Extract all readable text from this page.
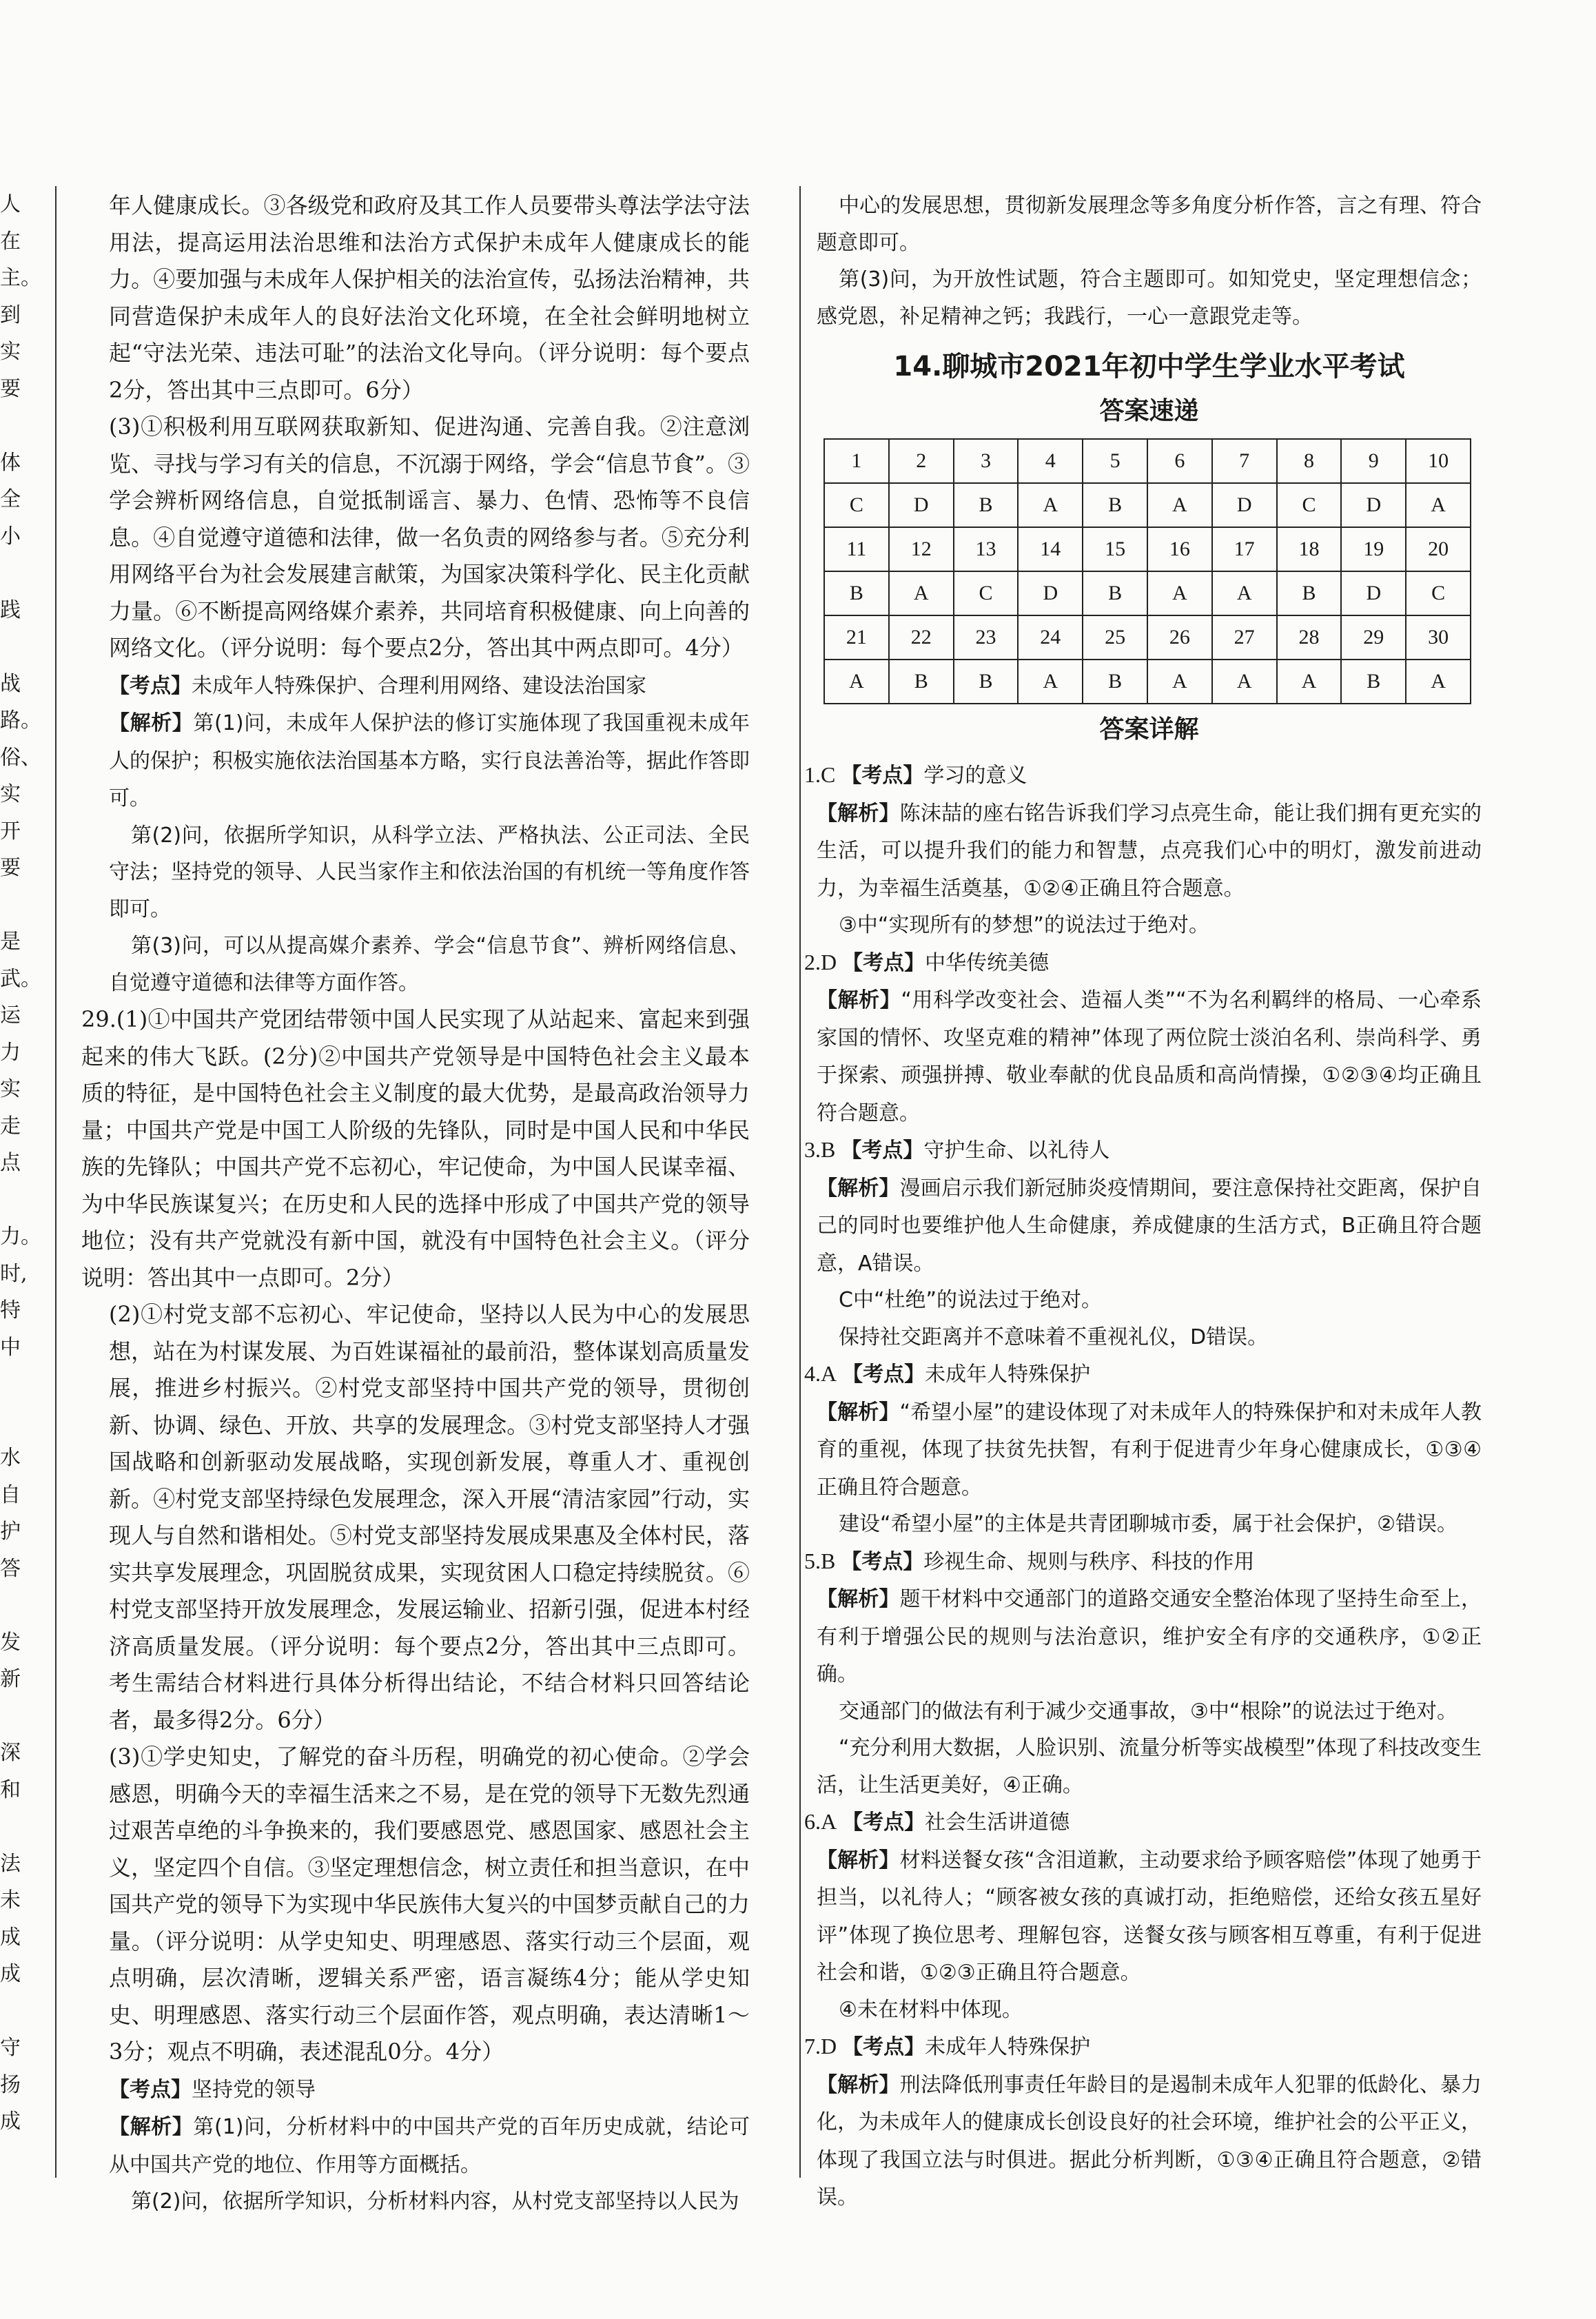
人
在
主。
到
实
要
体
全
小
践
战
路。
俗、
实
开
要
是
武。
运
力
实
走
点
力。
时,
特
中
水
自
护
答
发
新
深
和
法
未
成
成
守
扬
成

年人健康成长。③各级党和政府及其工作人员要带头尊法学法守法用法，提高运用法治思维和法治方式保护未成年人健康成长的能力。④要加强与未成年人保护相关的法治宣传，弘扬法治精神，共同营造保护未成年人的良好法治文化环境，在全社会鲜明地树立起“守法光荣、违法可耻”的法治文化导向。（评分说明：每个要点2分，答出其中三点即可。6分）

(3)①积极利用互联网获取新知、促进沟通、完善自我。②注意浏览、寻找与学习有关的信息，不沉溺于网络，学会“信息节食”。③学会辨析网络信息，自觉抵制谣言、暴力、色情、恐怖等不良信息。④自觉遵守道德和法律，做一名负责的网络参与者。⑤充分利用网络平台为社会发展建言献策，为国家决策科学化、民主化贡献力量。⑥不断提高网络媒介素养，共同培育积极健康、向上向善的网络文化。（评分说明：每个要点2分，答出其中两点即可。4分）

【考点】未成年人特殊保护、合理利用网络、建设法治国家

【解析】第(1)问，未成年人保护法的修订实施体现了我国重视未成年人的保护；积极实施依法治国基本方略，实行良法善治等，据此作答即可。

第(2)问，依据所学知识，从科学立法、严格执法、公正司法、全民守法；坚持党的领导、人民当家作主和依法治国的有机统一等角度作答即可。

第(3)问，可以从提高媒介素养、学会“信息节食”、辨析网络信息、自觉遵守道德和法律等方面作答。

29.(1)①中国共产党团结带领中国人民实现了从站起来、富起来到强起来的伟大飞跃。(2分)②中国共产党领导是中国特色社会主义最本质的特征，是中国特色社会主义制度的最大优势，是最高政治领导力量；中国共产党是中国工人阶级的先锋队，同时是中国人民和中华民族的先锋队；中国共产党不忘初心，牢记使命，为中国人民谋幸福、为中华民族谋复兴；在历史和人民的选择中形成了中国共产党的领导地位；没有共产党就没有新中国，就没有中国特色社会主义。（评分说明：答出其中一点即可。2分）

(2)①村党支部不忘初心、牢记使命，坚持以人民为中心的发展思想，站在为村谋发展、为百姓谋福祉的最前沿，整体谋划高质量发展，推进乡村振兴。②村党支部坚持中国共产党的领导，贯彻创新、协调、绿色、开放、共享的发展理念。③村党支部坚持人才强国战略和创新驱动发展战略，实现创新发展，尊重人才、重视创新。④村党支部坚持绿色发展理念，深入开展“清洁家园”行动，实现人与自然和谐相处。⑤村党支部坚持发展成果惠及全体村民，落实共享发展理念，巩固脱贫成果，实现贫困人口稳定持续脱贫。⑥村党支部坚持开放发展理念，发展运输业、招新引强，促进本村经济高质量发展。（评分说明：每个要点2分，答出其中三点即可。考生需结合材料进行具体分析得出结论，不结合材料只回答结论者，最多得2分。6分）

(3)①学史知史，了解党的奋斗历程，明确党的初心使命。②学会感恩，明确今天的幸福生活来之不易，是在党的领导下无数先烈通过艰苦卓绝的斗争换来的，我们要感恩党、感恩国家、感恩社会主义，坚定四个自信。③坚定理想信念，树立责任和担当意识，在中国共产党的领导下为实现中华民族伟大复兴的中国梦贡献自己的力量。（评分说明：从学史知史、明理感恩、落实行动三个层面，观点明确，层次清晰，逻辑关系严密，语言凝练4分；能从学史知史、明理感恩、落实行动三个层面作答，观点明确，表达清晰1～3分；观点不明确，表述混乱0分。4分）

【考点】坚持党的领导

【解析】第(1)问，分析材料中的中国共产党的百年历史成就，结论可从中国共产党的地位、作用等方面概括。

第(2)问，依据所学知识，分析材料内容，从村党支部坚持以人民为

中心的发展思想，贯彻新发展理念等多角度分析作答，言之有理、符合题意即可。

第(3)问，为开放性试题，符合主题即可。如知党史，坚定理想信念；感党恩，补足精神之钙；我践行，一心一意跟党走等。

14.聊城市2021年初中学生学业水平考试
答案速递
1	2	3	4	5	6	7	8	9	10
C	D	B	A	B	A	D	C	D	A
11	12	13	14	15	16	17	18	19	20
B	A	C	D	B	A	A	B	D	C
21	22	23	24	25	26	27	28	29	30
A	B	B	A	B	A	A	A	B	A
答案详解

1.C 【考点】学习的意义

【解析】陈沫喆的座右铭告诉我们学习点亮生命，能让我们拥有更充实的生活，可以提升我们的能力和智慧，点亮我们心中的明灯，激发前进动力，为幸福生活奠基，①②④正确且符合题意。

③中“实现所有的梦想”的说法过于绝对。

2.D 【考点】中华传统美德

【解析】“用科学改变社会、造福人类”“不为名利羁绊的格局、一心牵系家国的情怀、攻坚克难的精神”体现了两位院士淡泊名利、崇尚科学、勇于探索、顽强拼搏、敬业奉献的优良品质和高尚情操，①②③④均正确且符合题意。

3.B 【考点】守护生命、以礼待人

【解析】漫画启示我们新冠肺炎疫情期间，要注意保持社交距离，保护自己的同时也要维护他人生命健康，养成健康的生活方式，B正确且符合题意，A错误。

C中“杜绝”的说法过于绝对。

保持社交距离并不意味着不重视礼仪，D错误。

4.A 【考点】未成年人特殊保护

【解析】“希望小屋”的建设体现了对未成年人的特殊保护和对未成年人教育的重视，体现了扶贫先扶智，有利于促进青少年身心健康成长，①③④正确且符合题意。

建设“希望小屋”的主体是共青团聊城市委，属于社会保护，②错误。

5.B 【考点】珍视生命、规则与秩序、科技的作用

【解析】题干材料中交通部门的道路交通安全整治体现了坚持生命至上，有利于增强公民的规则与法治意识，维护安全有序的交通秩序，①②正确。

交通部门的做法有利于减少交通事故，③中“根除”的说法过于绝对。

“充分利用大数据，人脸识别、流量分析等实战模型”体现了科技改变生活，让生活更美好，④正确。

6.A 【考点】社会生活讲道德

【解析】材料送餐女孩“含泪道歉，主动要求给予顾客赔偿”体现了她勇于担当，以礼待人；“顾客被女孩的真诚打动，拒绝赔偿，还给女孩五星好评”体现了换位思考、理解包容，送餐女孩与顾客相互尊重，有利于促进社会和谐，①②③正确且符合题意。

④未在材料中体现。

7.D 【考点】未成年人特殊保护

【解析】刑法降低刑事责任年龄目的是遏制未成年人犯罪的低龄化、暴力化，为未成年人的健康成长创设良好的社会环境，维护社会的公平正义，体现了我国立法与时俱进。据此分析判断，①③④正确且符合题意，②错误。
